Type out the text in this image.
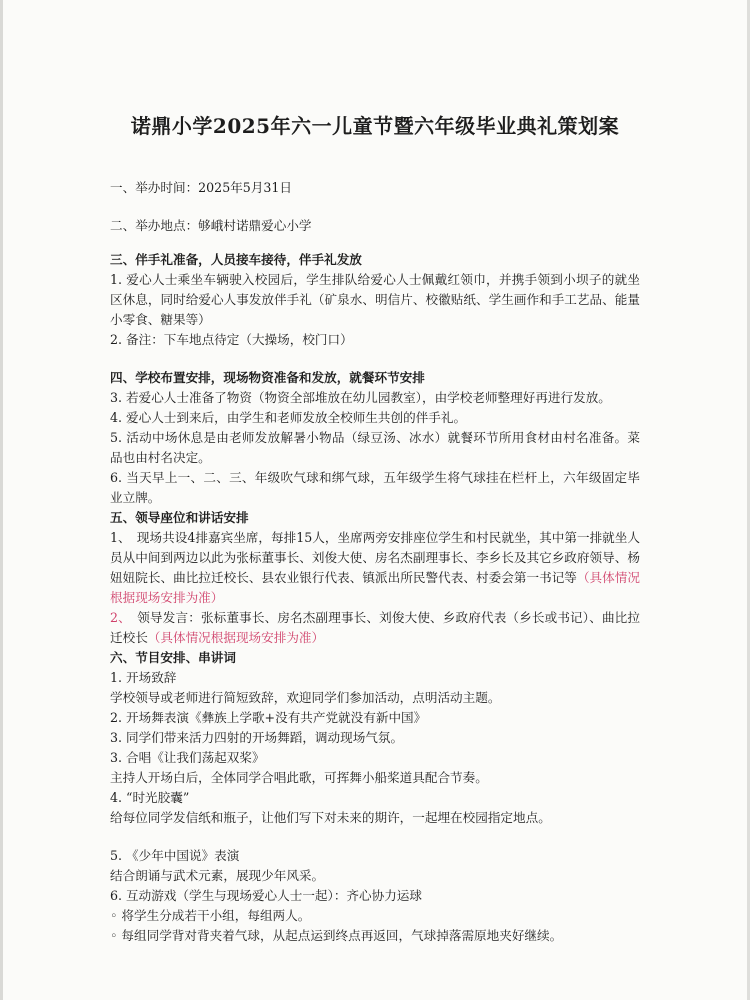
诺鼎小学2025年六一儿童节暨六年级毕业典礼策划案

一、举办时间：2025年5月31日

二、举办地点：够峨村诺鼎爱心小学

三、伴手礼准备，人员接车接待，伴手礼发放

1. 爱心人士乘坐车辆驶入校园后，学生排队给爱心人士佩戴红领巾，并携手领到小坝子的就坐区休息，同时给爱心人事发放伴手礼（矿泉水、明信片、校徽贴纸、学生画作和手工艺品、能量小零食、糖果等）

2. 备注：下车地点待定（大操场，校门口）

四、学校布置安排，现场物资准备和发放，就餐环节安排

3. 若爱心人士准备了物资（物资全部堆放在幼儿园教室），由学校老师整理好再进行发放。

4. 爱心人士到来后，由学生和老师发放全校师生共创的伴手礼。

5. 活动中场休息是由老师发放解暑小物品（绿豆汤、冰水）就餐环节所用食材由村名准备。菜品也由村名决定。

6. 当天早上一、二、三、年级吹气球和绑气球，五年级学生将气球挂在栏杆上，六年级固定毕业立牌。

五、领导座位和讲话安排

1、　现场共设4排嘉宾坐席，每排15人，坐席两旁安排座位学生和村民就坐，其中第一排就坐人员从中间到两边以此为张标董事长、刘俊大使、房名杰副理事长、李乡长及其它乡政府领导、杨妞妞院长、曲比拉迁校长、县农业银行代表、镇派出所民警代表、村委会第一书记等（具体情况根据现场安排为准）

2、　领导发言：张标董事长、房名杰副理事长、刘俊大使、乡政府代表（乡长或书记）、曲比拉迁校长（具体情况根据现场安排为准）

六、节目安排、串讲词

1. 开场致辞

学校领导或老师进行简短致辞，欢迎同学们参加活动，点明活动主题。

2. 开场舞表演《彝族上学歌+没有共产党就没有新中国》

3. 同学们带来活力四射的开场舞蹈，调动现场气氛。

3. 合唱《让我们荡起双桨》

主持人开场白后，全体同学合唱此歌，可挥舞小船桨道具配合节奏。

4. “时光胶囊”

给每位同学发信纸和瓶子，让他们写下对未来的期许，一起埋在校园指定地点。

5. 《少年中国说》表演

结合朗诵与武术元素，展现少年风采。

6. 互动游戏（学生与现场爱心人士一起）：齐心协力运球

◦ 将学生分成若干小组，每组两人。

◦ 每组同学背对背夹着气球，从起点运到终点再返回，气球掉落需原地夹好继续。
